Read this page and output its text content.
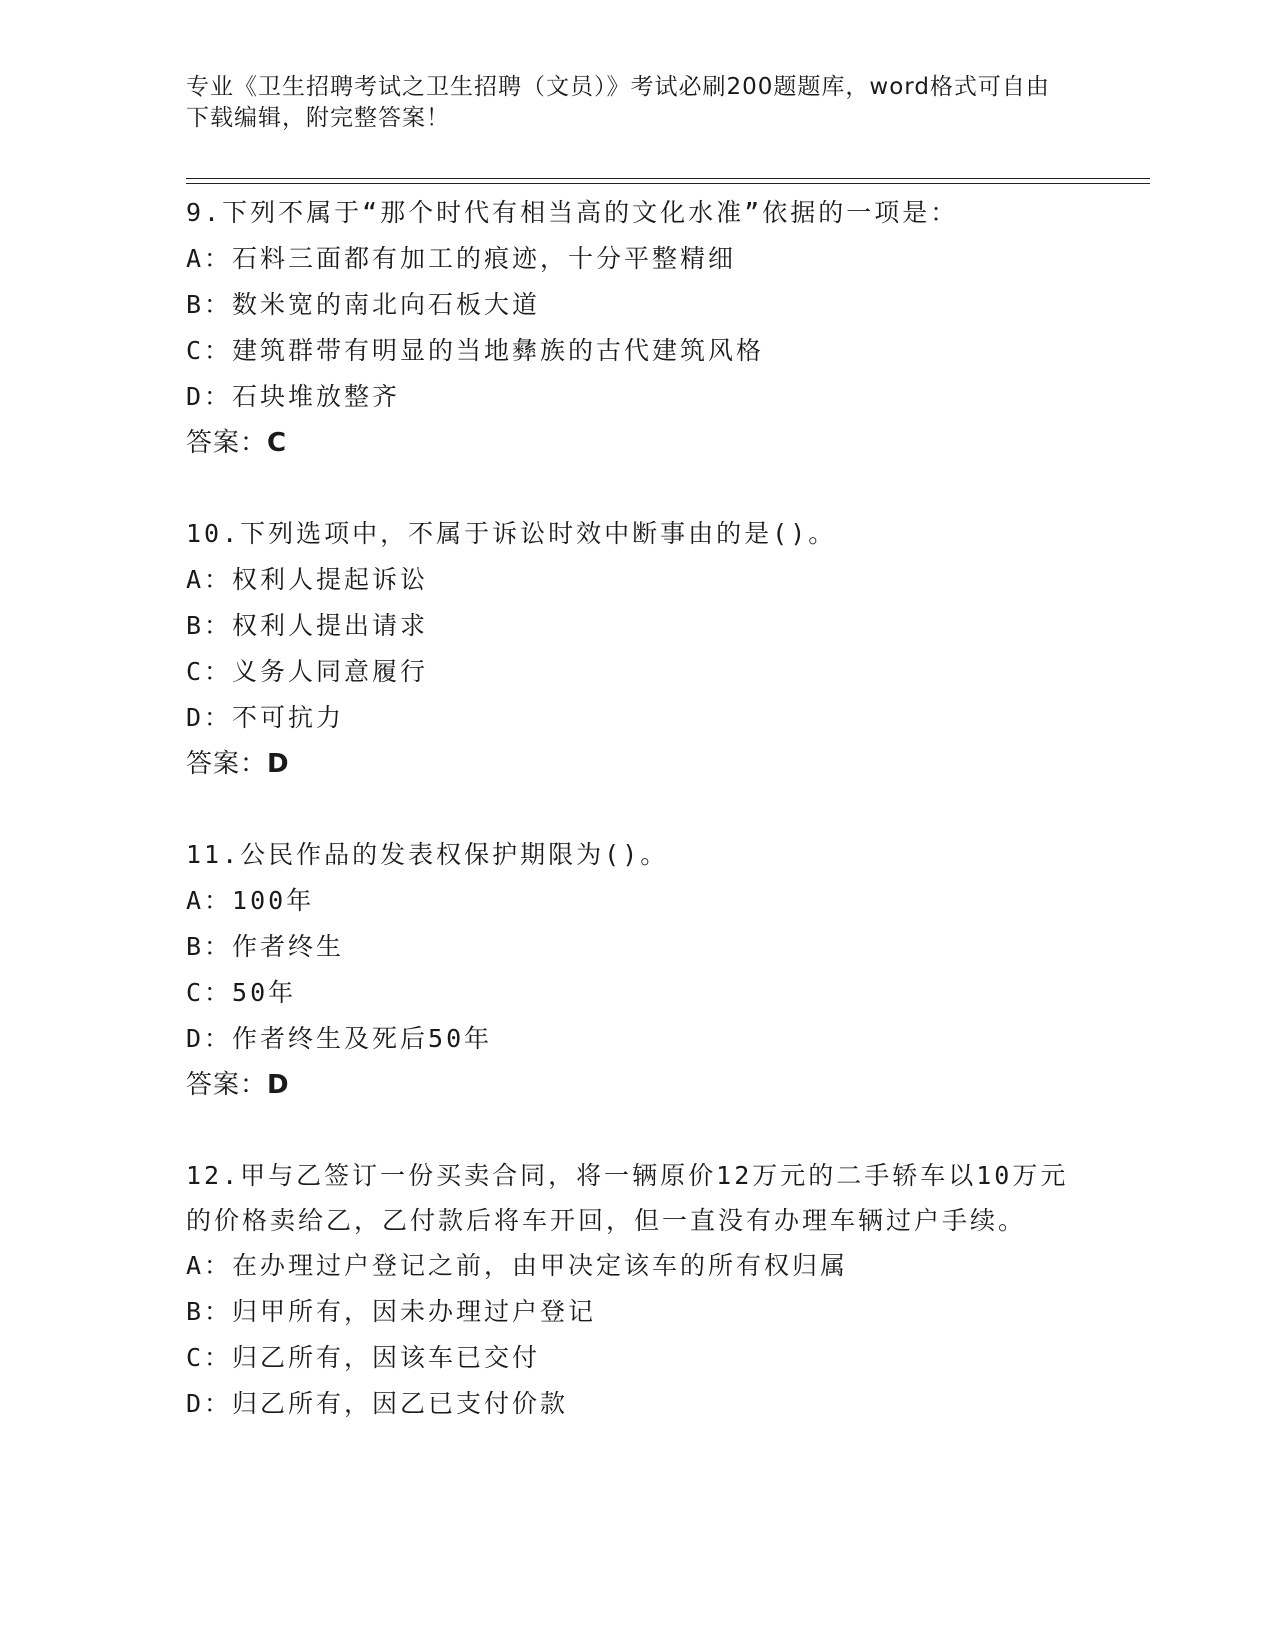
专业《卫生招聘考试之卫生招聘（文员）》考试必刷200题题库，word格式可自由下载编辑，附完整答案！

9.下列不属于“那个时代有相当高的文化水准”依据的一项是：

A：石料三面都有加工的痕迹，十分平整精细

B：数米宽的南北向石板大道

C：建筑群带有明显的当地彝族的古代建筑风格

D：石块堆放整齐

答案：C

10.下列选项中，不属于诉讼时效中断事由的是()。

A：权利人提起诉讼

B：权利人提出请求

C：义务人同意履行

D：不可抗力

答案：D

11.公民作品的发表权保护期限为()。

A：100年

B：作者终生

C：50年

D：作者终生及死后50年

答案：D

12.甲与乙签订一份买卖合同，将一辆原价12万元的二手轿车以10万元的价格卖给乙，乙付款后将车开回，但一直没有办理车辆过户手续。

A：在办理过户登记之前，由甲决定该车的所有权归属

B：归甲所有，因未办理过户登记

C：归乙所有，因该车已交付

D：归乙所有，因乙已支付价款
